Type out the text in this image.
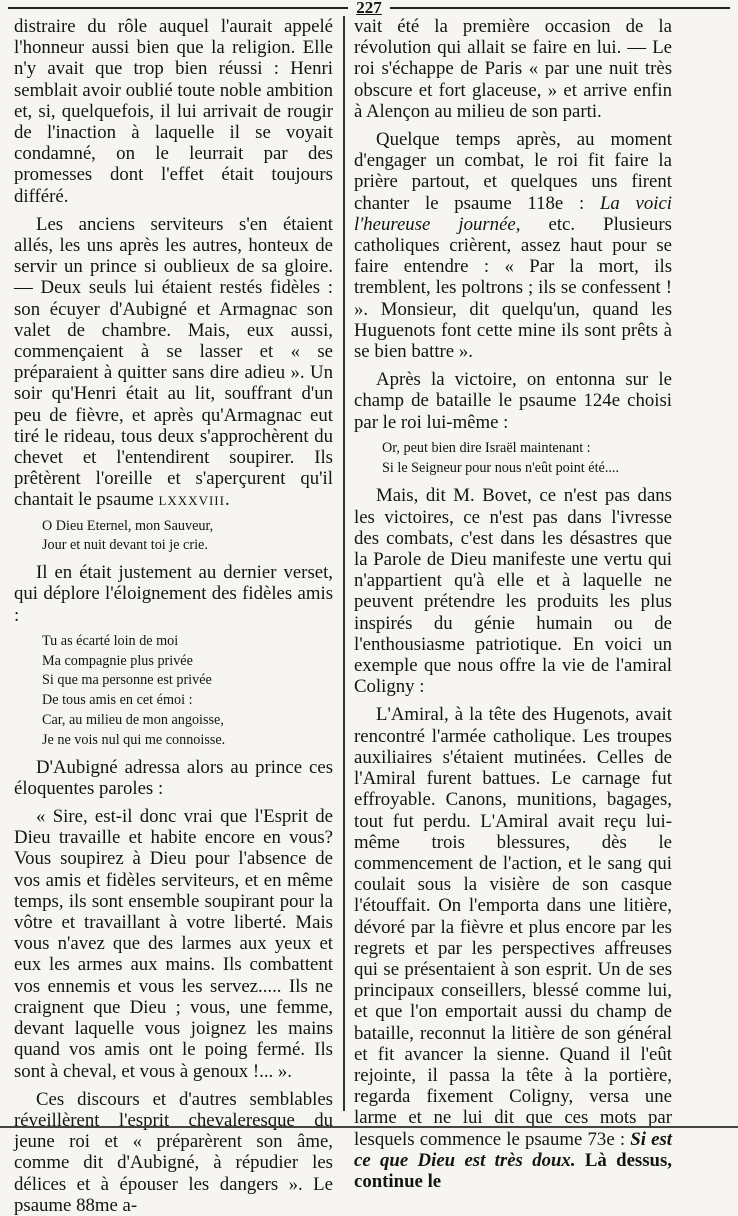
227

distraire du rôle auquel l'aurait appelé l'honneur aussi bien que la religion. Elle n'y avait que trop bien réussi : Henri semblait avoir oublié toute noble ambition et, si, quelquefois, il lui arrivait de rougir de l'inaction à laquelle il se voyait condamné, on le leurrait par des promesses dont l'effet était toujours différé.

Les anciens serviteurs s'en étaient allés, les uns après les autres, honteux de servir un prince si oublieux de sa gloire. — Deux seuls lui étaient restés fidèles : son écuyer d'Aubigné et Armagnac son valet de chambre. Mais, eux aussi, commençaient à se lasser et « se préparaient à quitter sans dire adieu ». Un soir qu'Henri était au lit, souffrant d'un peu de fièvre, et après qu'Armagnac eut tiré le rideau, tous deux s'approchèrent du chevet et l'entendirent soupirer. Ils prêtèrent l'oreille et s'aperçurent qu'il chantait le psaume lxxxviii.

O Dieu Eternel, mon Sauveur,
Jour et nuit devant toi je crie.

Il en était justement au dernier verset, qui déplore l'éloignement des fidèles amis :

Tu as écarté loin de moi
Ma compagnie plus privée
Si que ma personne est privée
De tous amis en cet émoi :
Car, au milieu de mon angoisse,
Je ne vois nul qui me connoisse.

D'Aubigné adressa alors au prince ces éloquentes paroles :

« Sire, est-il donc vrai que l'Esprit de Dieu travaille et habite encore en vous? Vous soupirez à Dieu pour l'absence de vos amis et fidèles serviteurs, et en même temps, ils sont ensemble soupirant pour la vôtre et travaillant à votre liberté. Mais vous n'avez que des larmes aux yeux et eux les armes aux mains. Ils combattent vos ennemis et vous les servez..... Ils ne craignent que Dieu ; vous, une femme, devant laquelle vous joignez les mains quand vos amis ont le poing fermé. Ils sont à cheval, et vous à genoux !... ».

Ces discours et d'autres semblables réveillèrent l'esprit chevaleresque du jeune roi et « préparèrent son âme, comme dit d'Aubigné, à répudier les délices et à épouser les dangers ». Le psaume 88me a-

vait été la première occasion de la révolution qui allait se faire en lui. — Le roi s'échappe de Paris « par une nuit très obscure et fort glaceuse, » et arrive enfin à Alençon au milieu de son parti.

Quelque temps après, au moment d'engager un combat, le roi fit faire la prière partout, et quelques uns firent chanter le psaume 118e : La voici l'heureuse journée, etc. Plusieurs catholiques crièrent, assez haut pour se faire entendre : « Par la mort, ils tremblent, les poltrons ; ils se confessent ! ». Monsieur, dit quelqu'un, quand les Huguenots font cette mine ils sont prêts à se bien battre ».

Après la victoire, on entonna sur le champ de bataille le psaume 124e choisi par le roi lui-même :

Or, peut bien dire Israël maintenant :
Si le Seigneur pour nous n'eût point été....

Mais, dit M. Bovet, ce n'est pas dans les victoires, ce n'est pas dans l'ivresse des combats, c'est dans les désastres que la Parole de Dieu manifeste une vertu qui n'appartient qu'à elle et à laquelle ne peuvent prétendre les produits les plus inspirés du génie humain ou de l'enthousiasme patriotique. En voici un exemple que nous offre la vie de l'amiral Coligny :

L'Amiral, à la tête des Hugenots, avait rencontré l'armée catholique. Les troupes auxiliaires s'étaient mutinées. Celles de l'Amiral furent battues. Le carnage fut effroyable. Canons, munitions, bagages, tout fut perdu. L'Amiral avait reçu lui-même trois blessures, dès le commencement de l'action, et le sang qui coulait sous la visière de son casque l'étouffait. On l'emporta dans une litière, dévoré par la fièvre et plus encore par les regrets et par les perspectives affreuses qui se présentaient à son esprit. Un de ses principaux conseillers, blessé comme lui, et que l'on emportait aussi du champ de bataille, reconnut la litière de son général et fit avancer la sienne. Quand il l'eût rejointe, il passa la tête à la portière, regarda fixement Coligny, versa une larme et ne lui dit que ces mots par lesquels commence le psaume 73e : Si est ce que Dieu est très doux. Là dessus, continue le
